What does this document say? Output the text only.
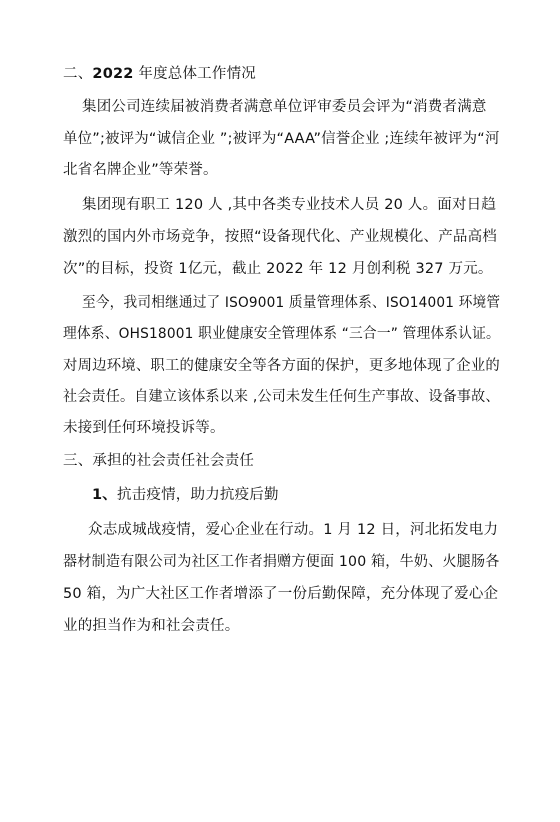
二、2022 年度总体工作情况
集团公司连续届被消费者满意单位评审委员会评为“消费者满意
单位”;被评为“诚信企业 ”;被评为“AAA”信誉企业 ;连续年被评为“河
北省名牌企业”等荣誉。
集团现有职工 120 人 ,其中各类专业技术人员 20 人。面对日趋
激烈的国内外市场竞争，按照“设备现代化、产业规模化、产品高档
次”的目标，投资 1亿元，截止 2022 年 12 月创利税 327 万元。
至今，我司相继通过了 ISO9001 质量管理体系、ISO14001 环境管
理体系、OHS18001 职业健康安全管理体系 “三合一” 管理体系认证。
对周边环境、职工的健康安全等各方面的保护，更多地体现了企业的
社会责任。自建立该体系以来 ,公司未发生任何生产事故、设备事故、
未接到任何环境投诉等。
三、承担的社会责任社会责任
1、抗击疫情，助力抗疫后勤
众志成城战疫情，爱心企业在行动。1 月 12 日，河北拓发电力
器材制造有限公司为社区工作者捐赠方便面 100 箱，牛奶、火腿肠各
50 箱，为广大社区工作者增添了一份后勤保障，充分体现了爱心企
业的担当作为和社会责任。
